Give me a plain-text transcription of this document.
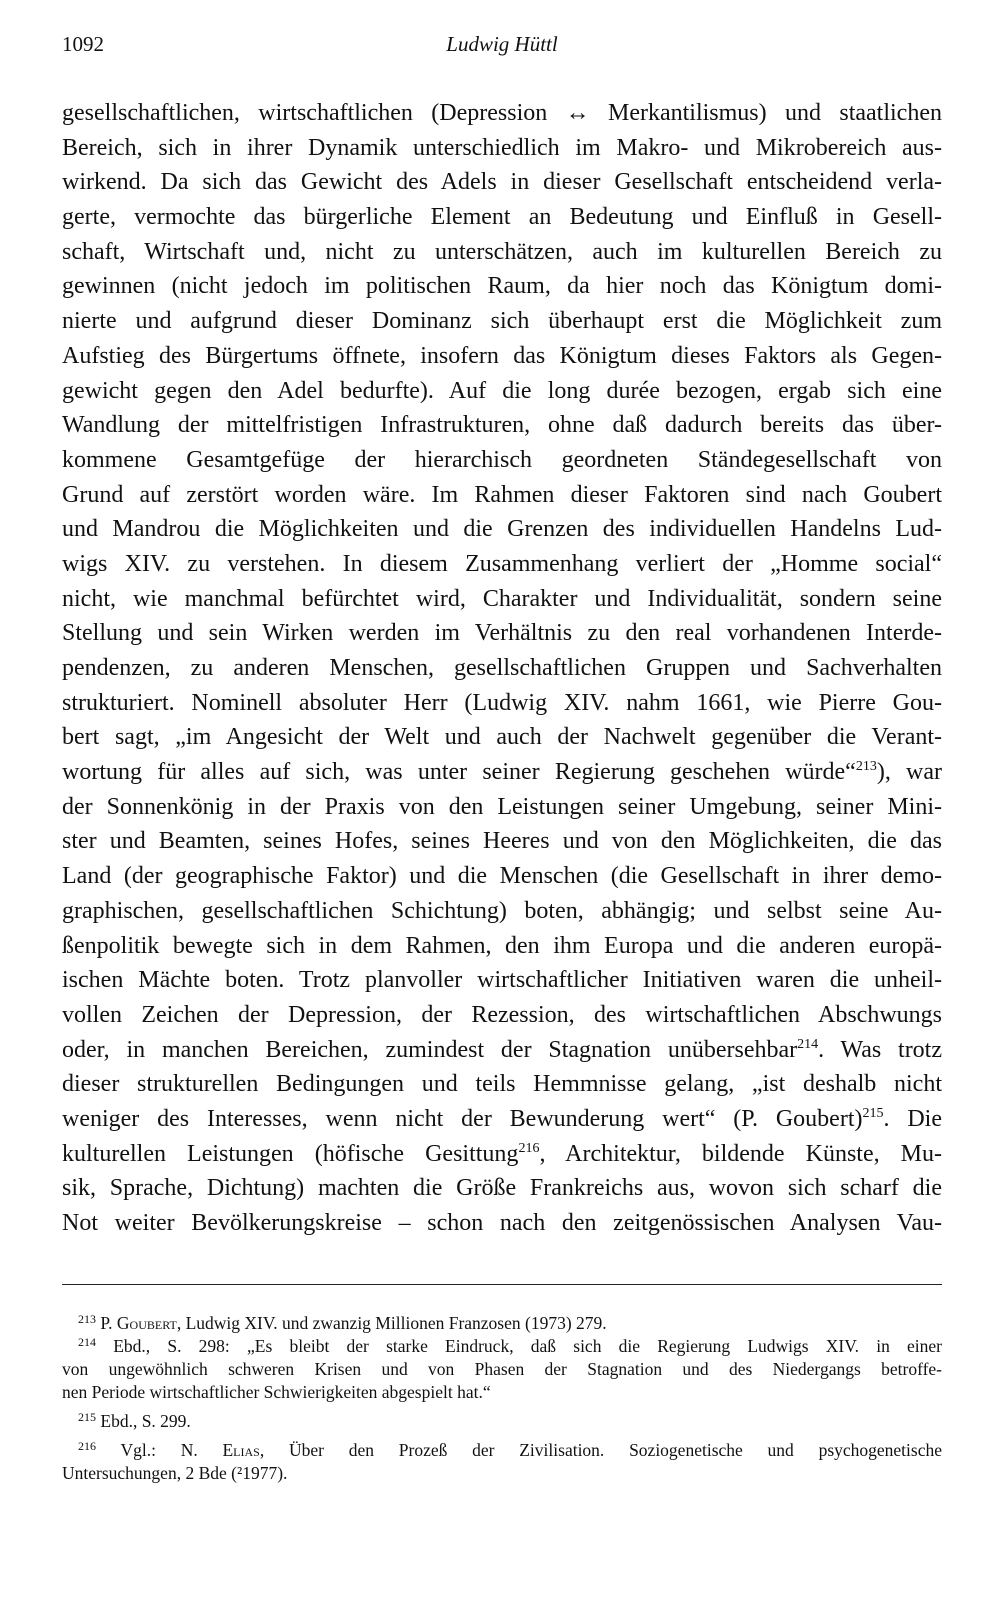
1092	Ludwig Hüttl
gesellschaftlichen, wirtschaftlichen (Depression ↔ Merkantilismus) und staatlichen
Bereich, sich in ihrer Dynamik unterschiedlich im Makro- und Mikrobereich aus-
wirkend. Da sich das Gewicht des Adels in dieser Gesellschaft entscheidend verla-
gerte, vermochte das bürgerliche Element an Bedeutung und Einfluß in Gesell-
schaft, Wirtschaft und, nicht zu unterschätzen, auch im kulturellen Bereich zu
gewinnen (nicht jedoch im politischen Raum, da hier noch das Königtum domi-
nierte und aufgrund dieser Dominanz sich überhaupt erst die Möglichkeit zum
Aufstieg des Bürgertums öffnete, insofern das Königtum dieses Faktors als Gegen-
gewicht gegen den Adel bedurfte). Auf die long durée bezogen, ergab sich eine
Wandlung der mittelfristigen Infrastrukturen, ohne daß dadurch bereits das über-
kommene Gesamtgefüge der hierarchisch geordneten Ständegesellschaft von
Grund auf zerstört worden wäre. Im Rahmen dieser Faktoren sind nach Goubert
und Mandrou die Möglichkeiten und die Grenzen des individuellen Handelns Lud-
wigs XIV. zu verstehen. In diesem Zusammenhang verliert der „Homme social“
nicht, wie manchmal befürchtet wird, Charakter und Individualität, sondern seine
Stellung und sein Wirken werden im Verhältnis zu den real vorhandenen Interde-
pendenzen, zu anderen Menschen, gesellschaftlichen Gruppen und Sachverhalten
strukturiert. Nominell absoluter Herr (Ludwig XIV. nahm 1661, wie Pierre Gou-
bert sagt, „im Angesicht der Welt und auch der Nachwelt gegenüber die Verant-
wortung für alles auf sich, was unter seiner Regierung geschehen würde“$^{213}$), war
der Sonnenkönig in der Praxis von den Leistungen seiner Umgebung, seiner Mini-
ster und Beamten, seines Hofes, seines Heeres und von den Möglichkeiten, die das
Land (der geographische Faktor) und die Menschen (die Gesellschaft in ihrer demo-
graphischen, gesellschaftlichen Schichtung) boten, abhängig; und selbst seine Au-
ßenpolitik bewegte sich in dem Rahmen, den ihm Europa und die anderen europä-
ischen Mächte boten. Trotz planvoller wirtschaftlicher Initiativen waren die unheil-
vollen Zeichen der Depression, der Rezession, des wirtschaftlichen Abschwungs
oder, in manchen Bereichen, zumindest der Stagnation unübersehbar$^{214}$. Was trotz
dieser strukturellen Bedingungen und teils Hemmnisse gelang, „ist deshalb nicht
weniger des Interesses, wenn nicht der Bewunderung wert“ (P. Goubert)$^{215}$. Die
kulturellen Leistungen (höfische Gesittung$^{216}$, Architektur, bildende Künste, Mu-
sik, Sprache, Dichtung) machten die Größe Frankreichs aus, wovon sich scharf die
Not weiter Bevölkerungskreise – schon nach den zeitgenössischen Analysen Vau-
$^{213}$ P. Goubert, Ludwig XIV. und zwanzig Millionen Franzosen (1973) 279.
$^{214}$ Ebd., S. 298: „Es bleibt der starke Eindruck, daß sich die Regierung Ludwigs XIV. in einer
von ungewöhnlich schweren Krisen und von Phasen der Stagnation und des Niedergangs betroffe-
nen Periode wirtschaftlicher Schwierigkeiten abgespielt hat.“
$^{215}$ Ebd., S. 299.
$^{216}$ Vgl.: N. Elias, Über den Prozeß der Zivilisation. Soziogenetische und psychogenetische
Untersuchungen, 2 Bde (²1977).
